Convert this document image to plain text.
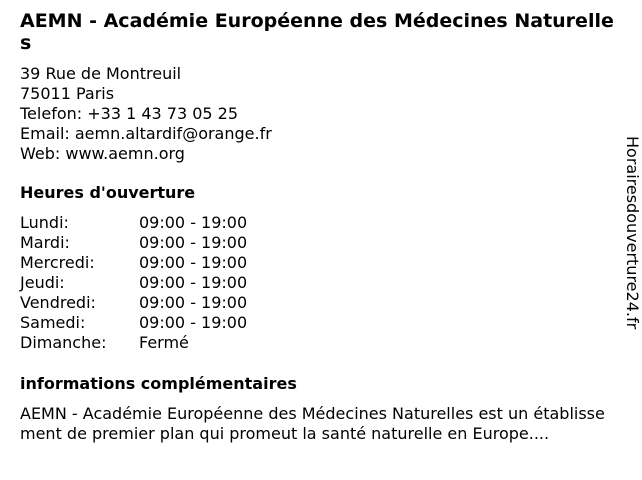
AEMN - Académie Européenne des Médecines Naturelles
39 Rue de Montreuil
75011 Paris
Telefon: +33 1 43 73 05 25
Email: aemn.altardif@orange.fr
Web: www.aemn.org
Heures d'ouverture
Lundi:	09:00 - 19:00
Mardi:	09:00 - 19:00
Mercredi:	09:00 - 19:00
Jeudi:	09:00 - 19:00
Vendredi:	09:00 - 19:00
Samedi:	09:00 - 19:00
Dimanche: Fermé
informations complémentaires
AEMN - Académie Européenne des Médecines Naturelles est un établissement de premier plan qui promeut la santé naturelle en Europe....
Horairesdouverture24.fr
